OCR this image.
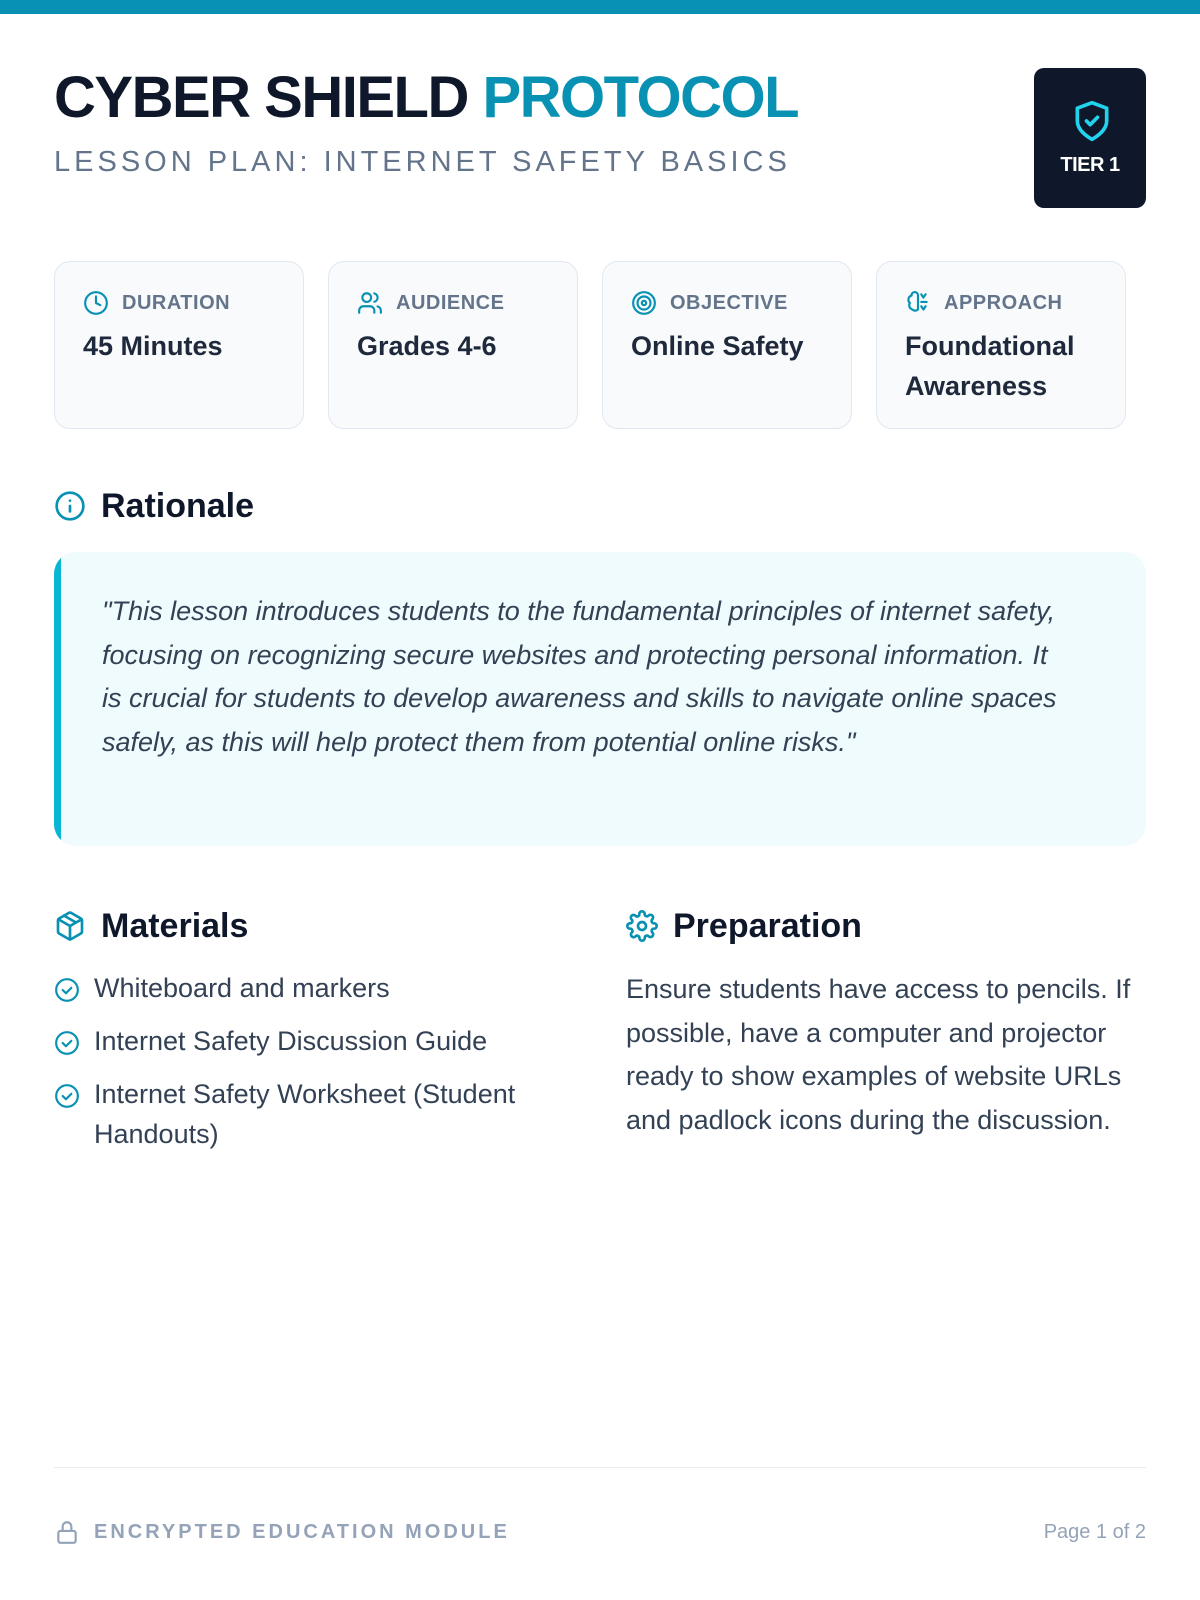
CYBER SHIELD PROTOCOL
LESSON PLAN: INTERNET SAFETY BASICS	TIER 1
DURATION
45 Minutes
AUDIENCE
Grades 4-6
OBJECTIVE
Online Safety
APPROACH
Foundational Awareness
Rationale
"This lesson introduces students to the fundamental principles of internet safety, focusing on recognizing secure websites and protecting personal information. It is crucial for students to develop awareness and skills to navigate online spaces safely, as this will help protect them from potential online risks."
Materials
Whiteboard and markers
Internet Safety Discussion Guide
Internet Safety Worksheet (Student Handouts)
Preparation
Ensure students have access to pencils. If possible, have a computer and projector ready to show examples of website URLs and padlock icons during the discussion.
ENCRYPTED EDUCATION MODULE	Page 1 of 2
